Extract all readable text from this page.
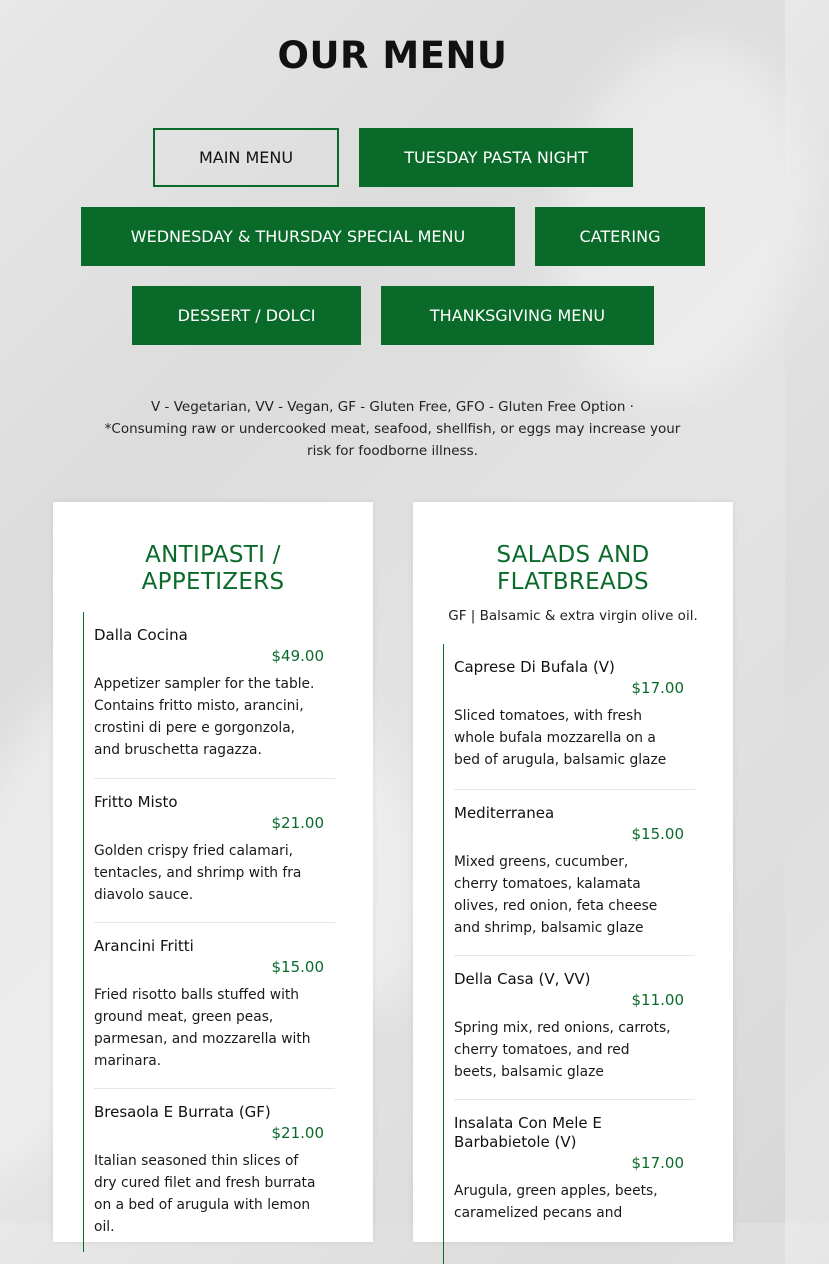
OUR MENU
MAIN MENU	TUESDAY PASTA NIGHT
WEDNESDAY & THURSDAY SPECIAL MENU	CATERING
DESSERT / DOLCI	THANKSGIVING MENU
V - Vegetarian, VV - Vegan, GF - Gluten Free, GFO - Gluten Free Option ·
*Consuming raw or undercooked meat, seafood, shellfish, or eggs may increase your risk for foodborne illness.
ANTIPASTI / APPETIZERS
Dalla Cocina
$49.00
Appetizer sampler for the table. Contains fritto misto, arancini, crostini di pere e gorgonzola, and bruschetta ragazza.
Fritto Misto
$21.00
Golden crispy fried calamari, tentacles, and shrimp with fra diavolo sauce.
Arancini Fritti
$15.00
Fried risotto balls stuffed with ground meat, green peas, parmesan, and mozzarella with marinara.
Bresaola E Burrata (GF)
$21.00
Italian seasoned thin slices of dry cured filet and fresh burrata on a bed of arugula with lemon oil.
SALADS AND FLATBREADS
GF | Balsamic & extra virgin olive oil.
Caprese Di Bufala (V)
$17.00
Sliced tomatoes, with fresh whole bufala mozzarella on a bed of arugula, balsamic glaze
Mediterranea
$15.00
Mixed greens, cucumber, cherry tomatoes, kalamata olives, red onion, feta cheese and shrimp, balsamic glaze
Della Casa (V, VV)
$11.00
Spring mix, red onions, carrots, cherry tomatoes, and red beets, balsamic glaze
Insalata Con Mele E Barbabietole (V)
$17.00
Arugula, green apples, beets, caramelized pecans and
